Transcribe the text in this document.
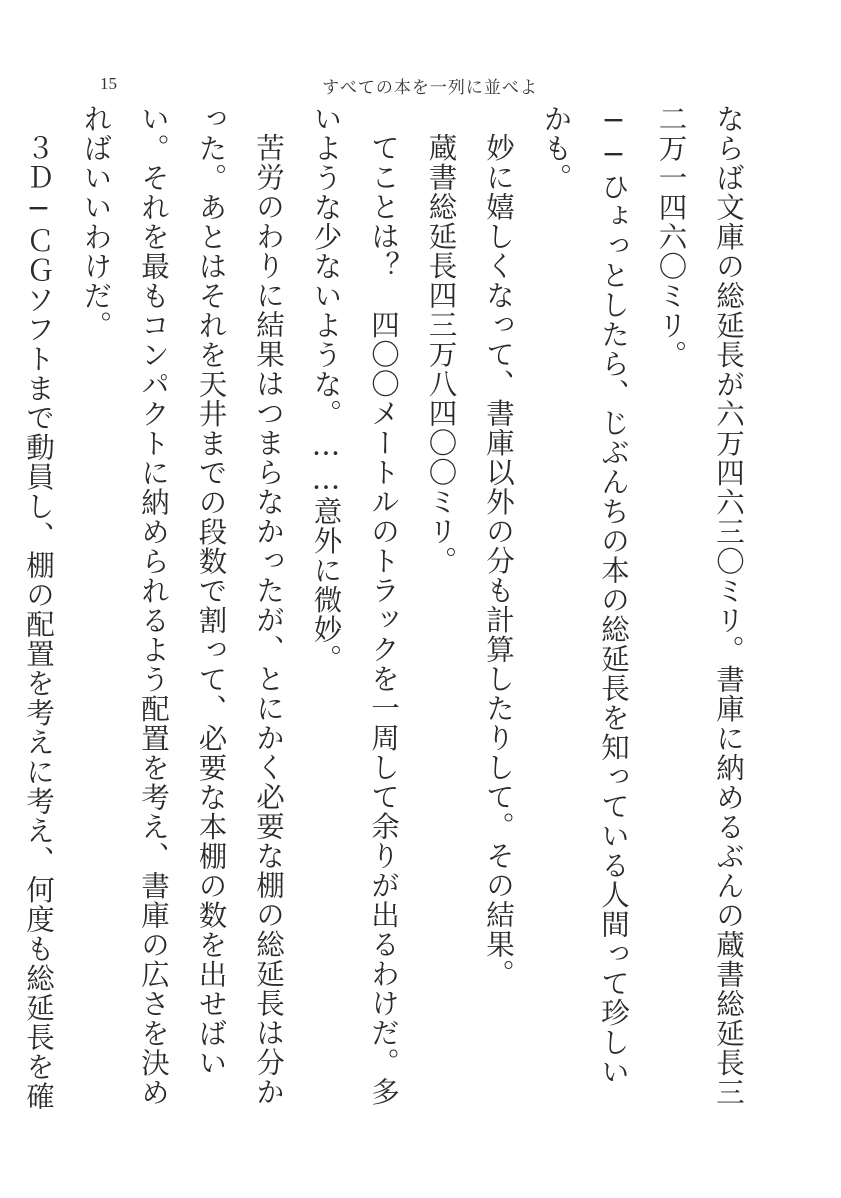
15	すべての本を一列に並べよ

ならば文庫の総延長が六万四六三〇ミリ。書庫に納めるぶんの蔵書総延長三二万一四六〇ミリ。

──ひょっとしたら、じぶんちの本の総延長を知っている人間って珍しいかも。

妙に嬉しくなって、書庫以外の分も計算したりして。その結果。

蔵書総延長四三万八四〇〇ミリ。

てことは？　四〇〇メートルのトラックを一周して余りが出るわけだ。多いような少ないような。……意外に微妙。

苦労のわりに結果はつまらなかったが、とにかく必要な棚の総延長は分かった。あとはそれを天井までの段数で割って、必要な本棚の数を出せばいい。それを最もコンパクトに納められるよう配置を考え、書庫の広さを決めればいいわけだ。

３Ｄ─ＣＧソフトまで動員し、棚の配置を考えに考え、何度も総延長を確
